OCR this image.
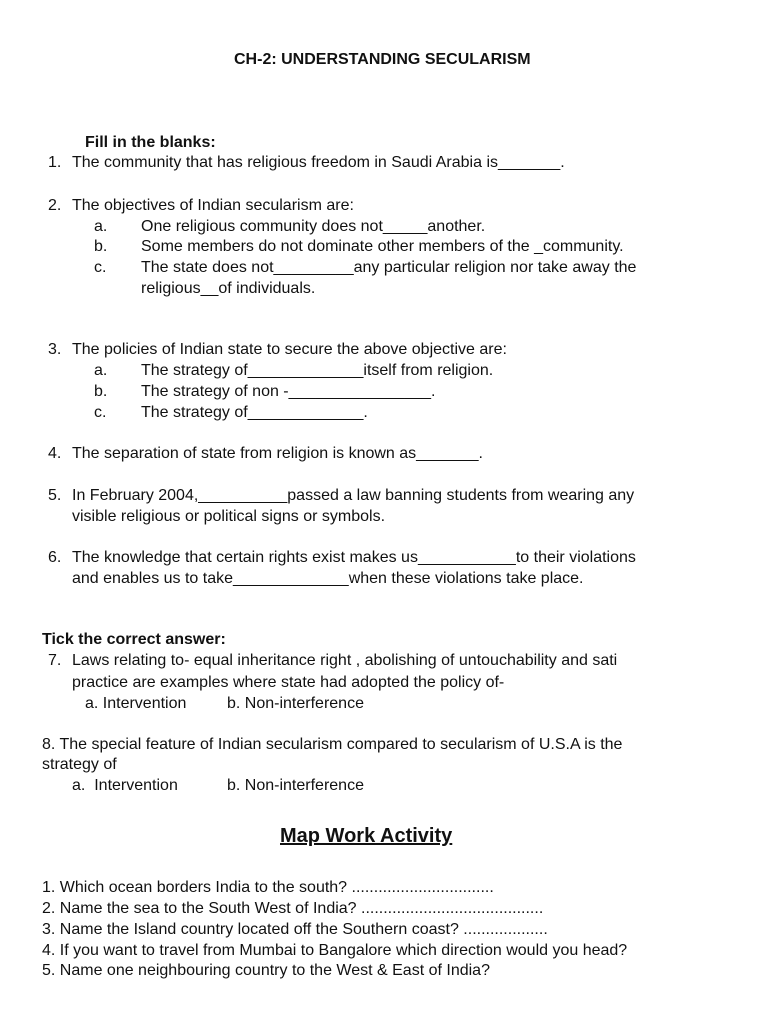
CH-2: UNDERSTANDING SECULARISM
Fill in the blanks:
1. The community that has religious freedom in Saudi Arabia is_______.
2. The objectives of Indian secularism are:
a. One religious community does not_____another.
b. Some members do not dominate other members of the _community.
c. The state does not_________any particular religion nor take away the
religious__of individuals.
3. The policies of Indian state to secure the above objective are:
a. The strategy of_____________itself from religion.
b. The strategy of non -________________.
c. The strategy of_____________.
4. The separation of state from religion is known as_______.
5. In February 2004,__________passed a law banning students from wearing any
visible religious or political signs or symbols.
6. The knowledge that certain rights exist makes us___________to their violations
and enables us to take_____________when these violations take place.
Tick the correct answer:
7. Laws relating to- equal inheritance right , abolishing of untouchability and sati
practice are examples where state had adopted the policy of-
a. Intervention	b. Non-interference
8. The special feature of Indian secularism compared to secularism of U.S.A is the
strategy of
a.  Intervention	b. Non-interference
Map Work Activity
1. Which ocean borders India to the south? ................................
2. Name the sea to the South West of India? .........................................
3. Name the Island country located off the Southern coast? ...................
4. If you want to travel from Mumbai to Bangalore which direction would you head?
5. Name one neighbouring country to the West & East of India?
